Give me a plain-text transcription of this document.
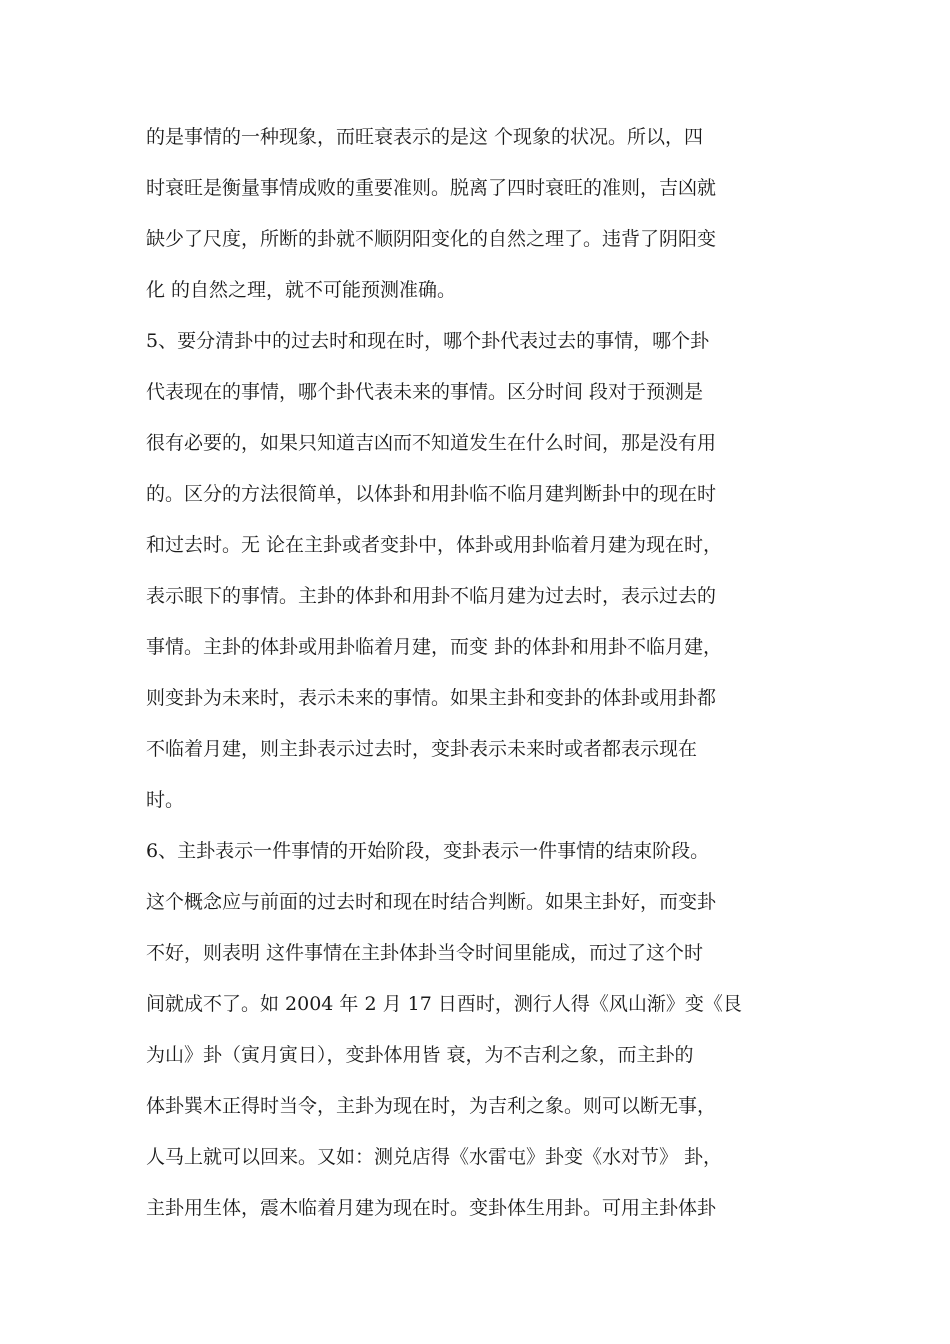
的是事情的一种现象，而旺衰表示的是这 个现象的状况。所以，四
时衰旺是衡量事情成败的重要准则。脱离了四时衰旺的准则，吉凶就
缺少了尺度，所断的卦就不顺阴阳变化的自然之理了。违背了阴阳变
化 的自然之理，就不可能预测准确。
5、要分清卦中的过去时和现在时，哪个卦代表过去的事情，哪个卦
代表现在的事情，哪个卦代表未来的事情。区分时间 段对于预测是
很有必要的，如果只知道吉凶而不知道发生在什么时间，那是没有用
的。区分的方法很简单，以体卦和用卦临不临月建判断卦中的现在时
和过去时。无 论在主卦或者变卦中，体卦或用卦临着月建为现在时，
表示眼下的事情。主卦的体卦和用卦不临月建为过去时，表示过去的
事情。主卦的体卦或用卦临着月建，而变 卦的体卦和用卦不临月建，
则变卦为未来时，表示未来的事情。如果主卦和变卦的体卦或用卦都
不临着月建，则主卦表示过去时，变卦表示未来时或者都表示现在
时。
6、主卦表示一件事情的开始阶段，变卦表示一件事情的结束阶段。
这个概念应与前面的过去时和现在时结合判断。如果主卦好，而变卦
不好，则表明 这件事情在主卦体卦当令时间里能成，而过了这个时
间就成不了。如 2004 年 2 月 17 日酉时，测行人得《风山渐》变《艮
为山》卦（寅月寅日），变卦体用皆 衰，为不吉利之象，而主卦的
体卦巽木正得时当令，主卦为现在时，为吉利之象。则可以断无事，
人马上就可以回来。又如：测兑店得《水雷屯》卦变《水对节》 卦，
主卦用生体，震木临着月建为现在时。变卦体生用卦。可用主卦体卦
